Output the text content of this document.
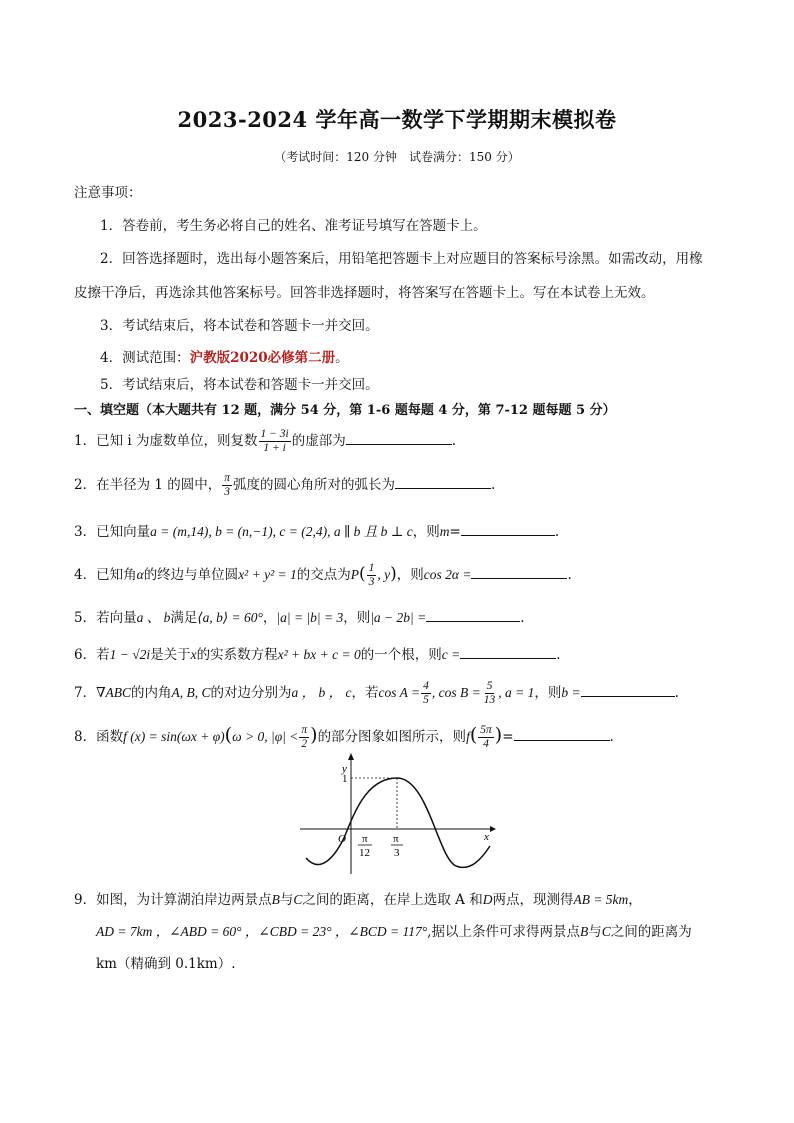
2023-2024 学年高一数学下学期期末模拟卷
（考试时间：120 分钟　试卷满分：150 分）
注意事项：
1．答卷前，考生务必将自己的姓名、准考证号填写在答题卡上。
2．回答选择题时，选出每小题答案后，用铅笔把答题卡上对应题目的答案标号涂黑。如需改动，用橡
皮擦干净后，再选涂其他答案标号。回答非选择题时，将答案写在答题卡上。写在本试卷上无效。
3．考试结束后，将本试卷和答题卡一并交回。
4．测试范围：沪教版2020必修第二册。
5．考试结束后，将本试卷和答题卡一并交回。
一、填空题（本大题共有 12 题，满分 54 分，第 1-6 题每题 4 分，第 7-12 题每题 5 分）
1．已知 i 为虚数单位，则复数 $\frac{1 - 3i}{1 + i}$ 的虚部为	.
2．在半径为 1 的圆中， $\frac{\pi}{3}$ 弧度的圆心角所对的弧长为	.
3．已知向量a = (m,14), b = (n,−1), c = (2,4), a ∥ b 且 b ⊥ c，则m=	.
4．已知角α的终边与单位圆x² + y² = 1的交点为$P( \frac{1}{3}$ , y)，则cos 2α =	.
5．若向量a 、 b满足⟨a, b⟩ = 60°，|a| = |b| = 3，则|a − 2b| =	.
6．若1 − √2i是关于x的实系数方程x² + bx + c = 0的一个根，则c =	.
7．∇ABC的内角A, B, C的对边分别为a ， b ， c，若$\cos A = \frac{4}{5}$ , $\cos B = \frac{5}{13}$ , a = 1，则b =	.
8．函数f (x) = sin(ωx + φ)(ω > 0, $|\varphi| < \frac{\pi}{2}$ )的部分图象如图所示，则$f( \frac{5\pi}{4}$ )=	.
y
x
O
1
π
12
π
3
9．如图，为计算湖泊岸边两景点B与C之间的距离，在岸上选取 A 和D两点，现测得AB = 5km，
AD = 7km ，∠ABD = 60° ，∠CBD = 23° ，∠BCD = 117°,据以上条件可求得两景点B与C之间的距离为
km（精确到 0.1km）.
